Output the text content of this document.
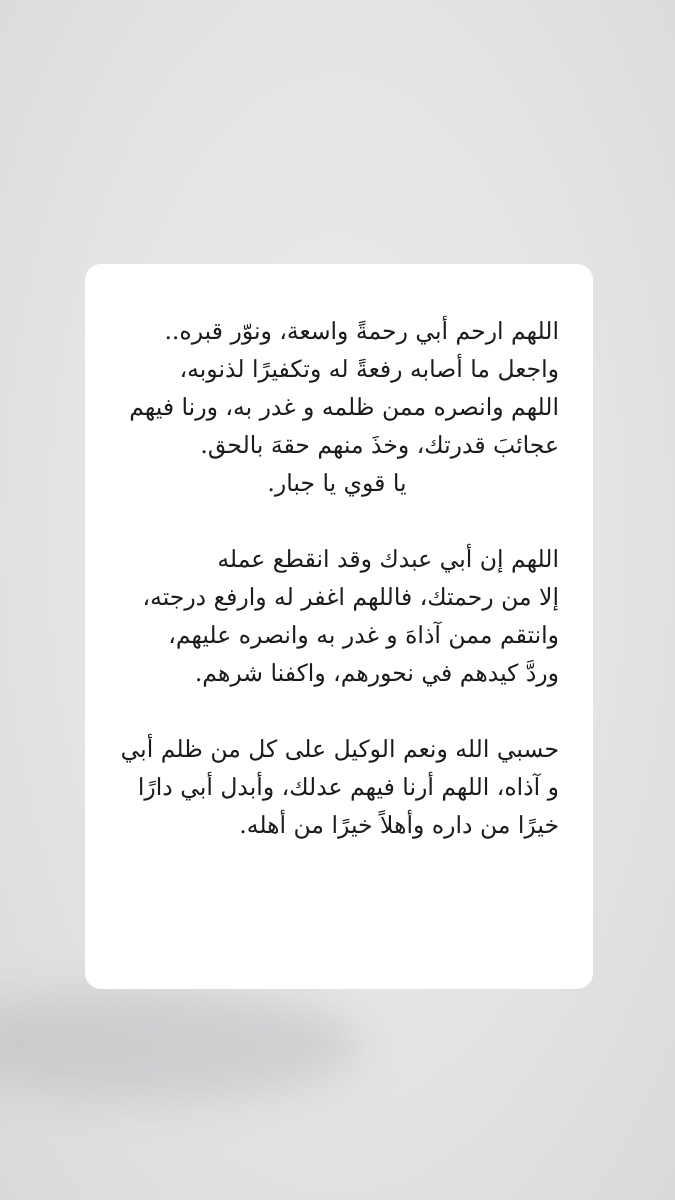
اللهم ارحم أبي رحمةً واسعة، ونوّر قبره..
واجعل ما أصابه رفعةً له وتكفيرًا لذنوبه،
اللهم وانصره ممن ظلمه و غدر به، ورنا فيهم
عجائبَ قدرتك، وخذَ منهم حقهَ بالحق.
يا قوي يا جبار.
اللهم إن أبي عبدك وقد انقطع عمله
إلا من رحمتك، فاللهم اغفر له وارفع درجته،
وانتقم ممن آذاهَ و غدر به وانصره عليهم،
وردَّ كيدهم في نحورهم، واكفنا شرهم.
حسبي الله ونعم الوكيل على كل من ظلم أبي
و آذاه، اللهم أرنا فيهم عدلك، وأبدل أبي دارًا
خيرًا من داره وأهلاً خيرًا من أهله.
